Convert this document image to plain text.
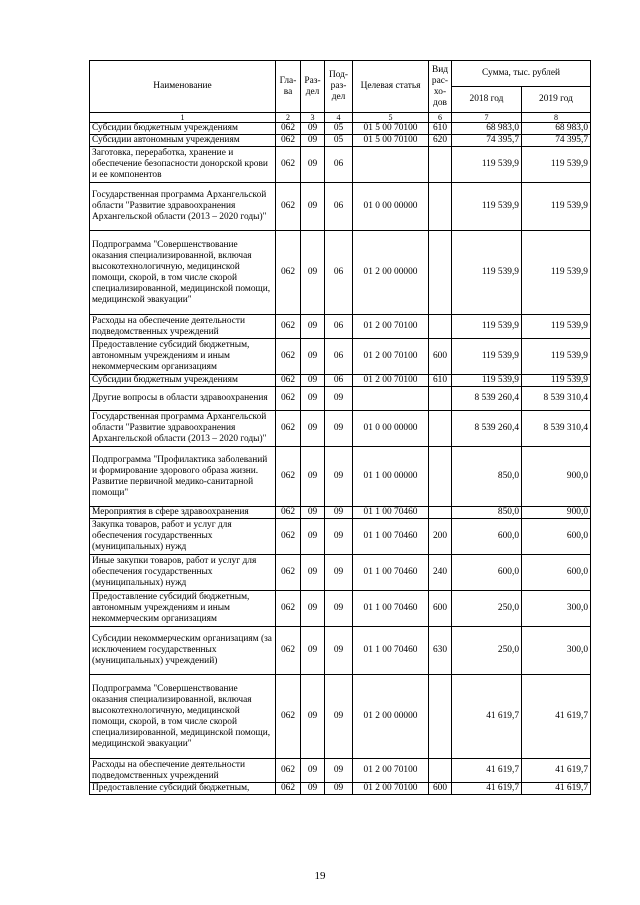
Наименование	Гла-ва	Раз-дел	Под-раз-дел	Целевая статья	Вид рас-хо-дов	Сумма, тыс. рублей	
						2018 год	2019 год
1	2	3	4	5	6	7	8
Субсидии бюджетным учреждениям	062	09	05	01 5 00 70100	610	68 983,0	68 983,0
Субсидии автономным учреждениям	062	09	05	01 5 00 70100	620	74 395,7	74 395,7
Заготовка, переработка, хранение и обеспечение безопасности донорской крови и ее компонентов	062	09	06			119 539,9	119 539,9
Государственная программа Архангельской области "Развитие здравоохранения Архангельской области (2013 – 2020 годы)"	062	09	06	01 0 00 00000		119 539,9	119 539,9
Подпрограмма "Совершенствование оказания специализированной, включая высокотехнологичную, медицинской помощи, скорой, в том числе скорой специализированной, медицинской помощи, медицинской эвакуации"	062	09	06	01 2 00 00000		119 539,9	119 539,9
Расходы на обеспечение деятельности подведомственных учреждений	062	09	06	01 2 00 70100		119 539,9	119 539,9
Предоставление субсидий бюджетным, автономным учреждениям и иным некоммерческим организациям	062	09	06	01 2 00 70100	600	119 539,9	119 539,9
Субсидии бюджетным учреждениям	062	09	06	01 2 00 70100	610	119 539,9	119 539,9
Другие вопросы в области здравоохранения	062	09	09			8 539 260,4	8 539 310,4
Государственная программа Архангельской области "Развитие здравоохранения Архангельской области (2013 – 2020 годы)"	062	09	09	01 0 00 00000		8 539 260,4	8 539 310,4
Подпрограмма "Профилактика заболеваний и формирование здорового образа жизни. Развитие первичной медико-санитарной помощи"	062	09	09	01 1 00 00000		850,0	900,0
Мероприятия в сфере здравоохранения	062	09	09	01 1 00 70460		850,0	900,0
Закупка товаров, работ и услуг для обеспечения государственных (муниципальных) нужд	062	09	09	01 1 00 70460	200	600,0	600,0
Иные закупки товаров, работ и услуг для обеспечения государственных (муниципальных) нужд	062	09	09	01 1 00 70460	240	600,0	600,0
Предоставление субсидий бюджетным, автономным учреждениям и иным некоммерческим организациям	062	09	09	01 1 00 70460	600	250,0	300,0
Субсидии некоммерческим организациям (за исключением государственных (муниципальных) учреждений)	062	09	09	01 1 00 70460	630	250,0	300,0
Подпрограмма "Совершенствование оказания специализированной, включая высокотехнологичную, медицинской помощи, скорой, в том числе скорой специализированной, медицинской помощи, медицинской эвакуации"	062	09	09	01 2 00 00000		41 619,7	41 619,7
Расходы на обеспечение деятельности подведомственных учреждений	062	09	09	01 2 00 70100		41 619,7	41 619,7
Предоставление субсидий бюджетным,	062	09	09	01 2 00 70100	600	41 619,7	41 619,7
19
